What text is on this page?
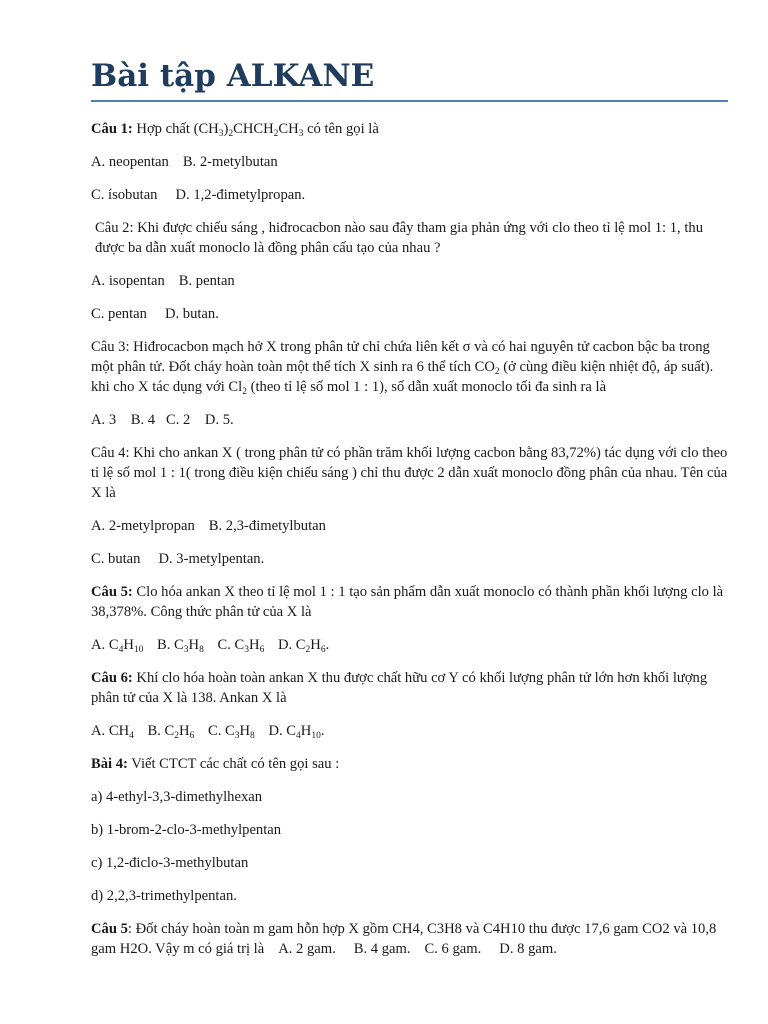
Bài tập ALKANE

Câu 1: Hợp chất $(CH_3)_2CHCH_2CH_3$ có tên gọi là

A. neopentan B. 2-metylbutan

C. ísobutan D. 1,2-đimetylpropan.

Câu 2: Khi được chiếu sáng , hiđrocacbon nào sau đây tham gia phản ứng với clo theo tỉ lệ mol 1: 1, thu được ba dẫn xuất monoclo là đồng phân cấu tạo của nhau ?

A. isopentan B. pentan

C. pentan D. butan.

Câu 3: Hiđrocacbon mạch hở X trong phân tử chỉ chứa liên kết σ và có hai nguyên tử cacbon bậc ba trong một phân tử. Đốt cháy hoàn toàn một thể tích X sinh ra 6 thể tích $CO_2$ (ở cùng điều kiện nhiệt độ, áp suất). khi cho X tác dụng với $Cl_2$ (theo tỉ lệ số mol 1 : 1), số dẫn xuất monoclo tối đa sinh ra là

A. 3    B. 4   C. 2    D. 5.

Câu 4: Khi cho ankan X ( trong phân tử có phần trăm khối lượng cacbon bằng 83,72%) tác dụng với clo theo tỉ lệ số mol 1 : 1( trong điều kiện chiếu sáng ) chỉ thu được 2 dẫn xuất monoclo đồng phân của nhau. Tên của X là

A. 2-metylpropan B. 2,3-đimetylbutan

C. butan D. 3-metylpentan.

Câu 5: Clo hóa ankan X theo tỉ lệ mol 1 : 1 tạo sản phẩm dẫn xuất monoclo có thành phần khối lượng clo là 38,378%. Công thức phân tử của X là

A. $C_4H_{10}$ B. $C_3H_8$ C. $C_3H_6$ D. $C_2H_6$.

Câu 6: Khí clo hóa hoàn toàn ankan X thu được chất hữu cơ Y có khối lượng phân tử lớn hơn khối lượng phân tử của X là 138. Ankan X là

A. $CH_4$ B. $C_2H_6$ C. $C_3H_8$ D. $C_4H_{10}$.

Bài 4: Viết CTCT các chất có tên gọi sau :

a) 4-ethyl-3,3-dimethylhexan

b) 1-brom-2-clo-3-methylpentan

c) 1,2-điclo-3-methylbutan

d) 2,2,3-trimethylpentan.

Câu 5: Đốt cháy hoàn toàn m gam hỗn hợp X gồm CH4, C3H8 và C4H10 thu được 17,6 gam CO2 và 10,8 gam H2O. Vậy m có giá trị là A. 2 gam. B. 4 gam. C. 6 gam. D. 8 gam.
